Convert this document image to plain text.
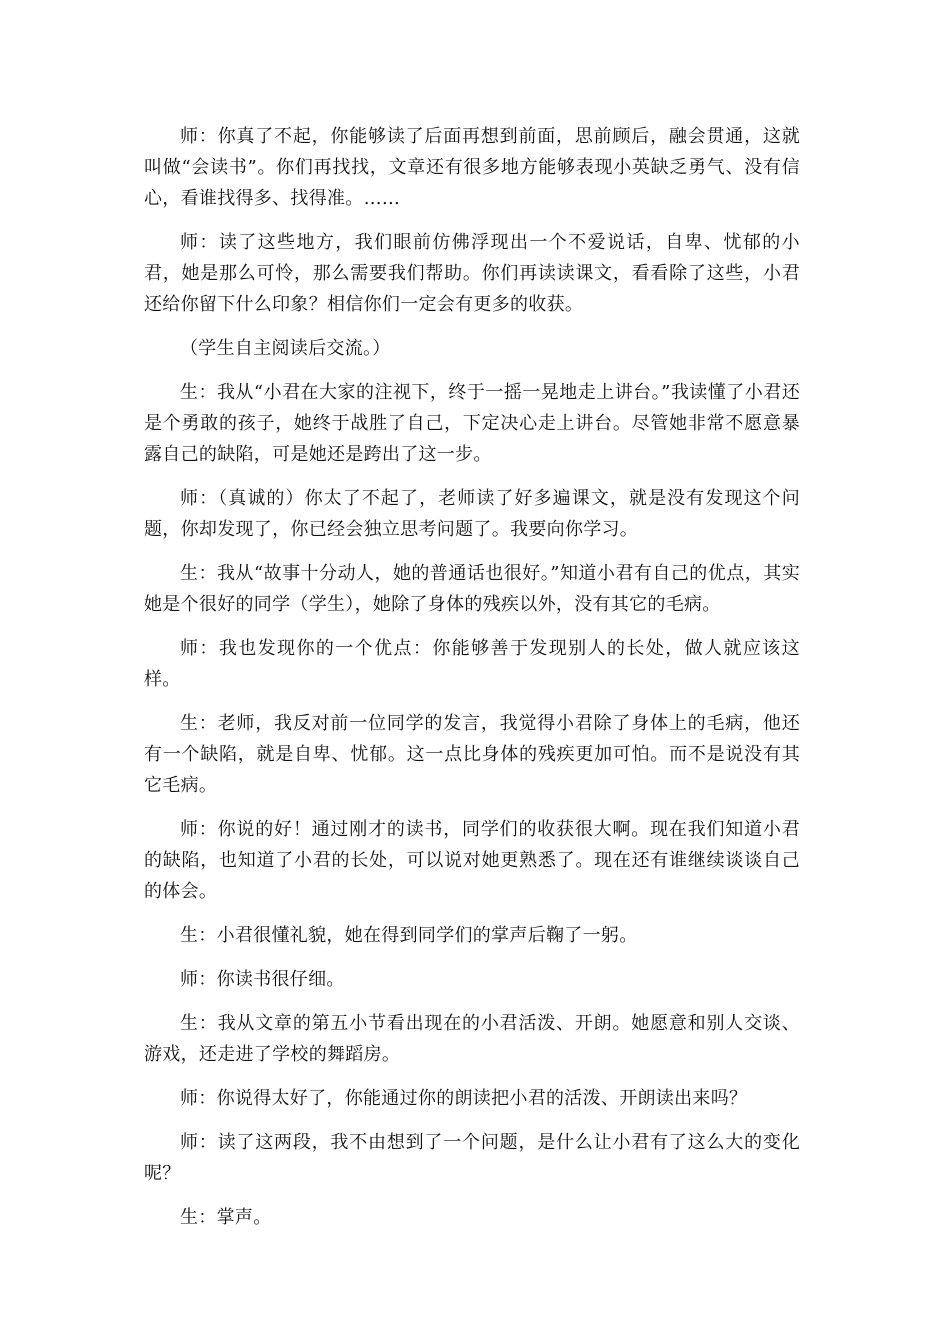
师：你真了不起，你能够读了后面再想到前面，思前顾后，融会贯通，这就叫做“会读书”。你们再找找，文章还有很多地方能够表现小英缺乏勇气、没有信心，看谁找得多、找得准。……

师：读了这些地方，我们眼前仿佛浮现出一个不爱说话，自卑、忧郁的小君，她是那么可怜，那么需要我们帮助。你们再读读课文，看看除了这些，小君还给你留下什么印象？相信你们一定会有更多的收获。

（学生自主阅读后交流。）

生：我从“小君在大家的注视下，终于一摇一晃地走上讲台。”我读懂了小君还是个勇敢的孩子，她终于战胜了自己，下定决心走上讲台。尽管她非常不愿意暴露自己的缺陷，可是她还是跨出了这一步。

师：（真诚的）你太了不起了，老师读了好多遍课文，就是没有发现这个问题，你却发现了，你已经会独立思考问题了。我要向你学习。

生：我从“故事十分动人，她的普通话也很好。”知道小君有自己的优点，其实她是个很好的同学（学生），她除了身体的残疾以外，没有其它的毛病。

师：我也发现你的一个优点：你能够善于发现别人的长处，做人就应该这样。

生：老师，我反对前一位同学的发言，我觉得小君除了身体上的毛病，他还有一个缺陷，就是自卑、忧郁。这一点比身体的残疾更加可怕。而不是说没有其它毛病。

师：你说的好！通过刚才的读书，同学们的收获很大啊。现在我们知道小君的缺陷，也知道了小君的长处，可以说对她更熟悉了。现在还有谁继续谈谈自己的体会。

生：小君很懂礼貌，她在得到同学们的掌声后鞠了一躬。

师：你读书很仔细。

生：我从文章的第五小节看出现在的小君活泼、开朗。她愿意和别人交谈、游戏，还走进了学校的舞蹈房。

师：你说得太好了，你能通过你的朗读把小君的活泼、开朗读出来吗？

师：读了这两段，我不由想到了一个问题，是什么让小君有了这么大的变化呢？

生：掌声。
